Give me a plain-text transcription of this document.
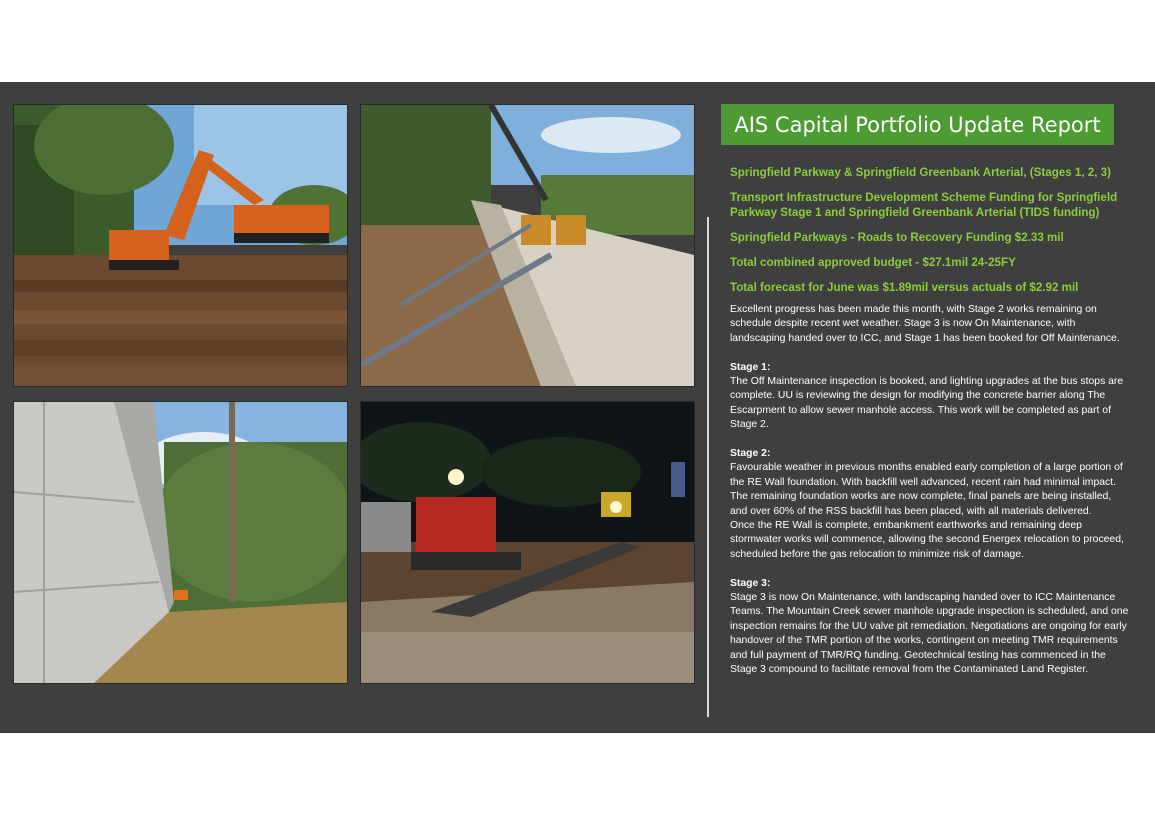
AIS Capital Portfolio Update Report

Springfield Parkway & Springfield Greenbank Arterial, (Stages 1, 2, 3)

Transport Infrastructure Development Scheme Funding for Springfield Parkway Stage 1 and Springfield Greenbank Arterial (TIDS funding)

Springfield Parkways - Roads to Recovery Funding $2.33 mil

Total combined approved budget - $27.1mil 24-25FY

Total forecast for June was $1.89mil versus actuals of $2.92 mil

Excellent progress has been made this month, with Stage 2 works remaining on schedule despite recent wet weather. Stage 3 is now On Maintenance, with landscaping handed over to ICC, and Stage 1 has been booked for Off Maintenance.

Stage 1:

The Off Maintenance inspection is booked, and lighting upgrades at the bus stops are complete. UU is reviewing the design for modifying the concrete barrier along The Escarpment to allow sewer manhole access. This work will be completed as part of Stage 2.

Stage 2:

Favourable weather in previous months enabled early completion of a large portion of the RE Wall foundation. With backfill well advanced, recent rain had minimal impact. The remaining foundation works are now complete, final panels are being installed, and over 60% of the RSS backfill has been placed, with all materials delivered.

Once the RE Wall is complete, embankment earthworks and remaining deep stormwater works will commence, allowing the second Energex relocation to proceed, scheduled before the gas relocation to minimize risk of damage.

Stage 3:

Stage 3 is now On Maintenance, with landscaping handed over to ICC Maintenance Teams. The Mountain Creek sewer manhole upgrade inspection is scheduled, and one inspection remains for the UU valve pit remediation. Negotiations are ongoing for early handover of the TMR portion of the works, contingent on meeting TMR requirements and full payment of TMR/RQ funding. Geotechnical testing has commenced in the Stage 3 compound to facilitate removal from the Contaminated Land Register.
